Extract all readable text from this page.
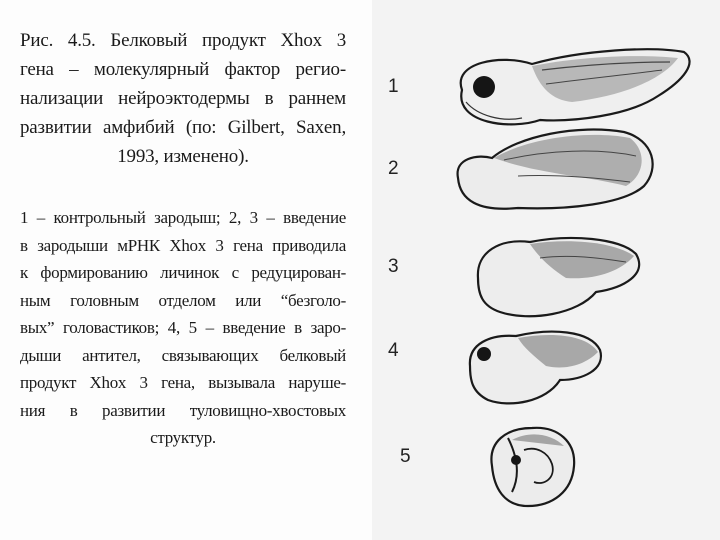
Рис. 4.5. Белковый продукт Xhox 3
гена – молекулярный фактор регио-
нализации нейроэктодермы в раннем
развитии амфибий (по: Gilbert, Saxen,
1993, изменено).
1 – контрольный зародыш; 2, 3 – введение
в зародыши мРНК Xhox 3 гена приводила
к формированию личинок с редуцирован-
ным головным отделом или “безголо-
вых” головастиков; 4, 5 – введение в заро-
дыши антител, связывающих белковый
продукт Xhox 3 гена, вызывала наруше-
ния в развитии туловищно-хвостовых
структур.
1
2
3
4
5
